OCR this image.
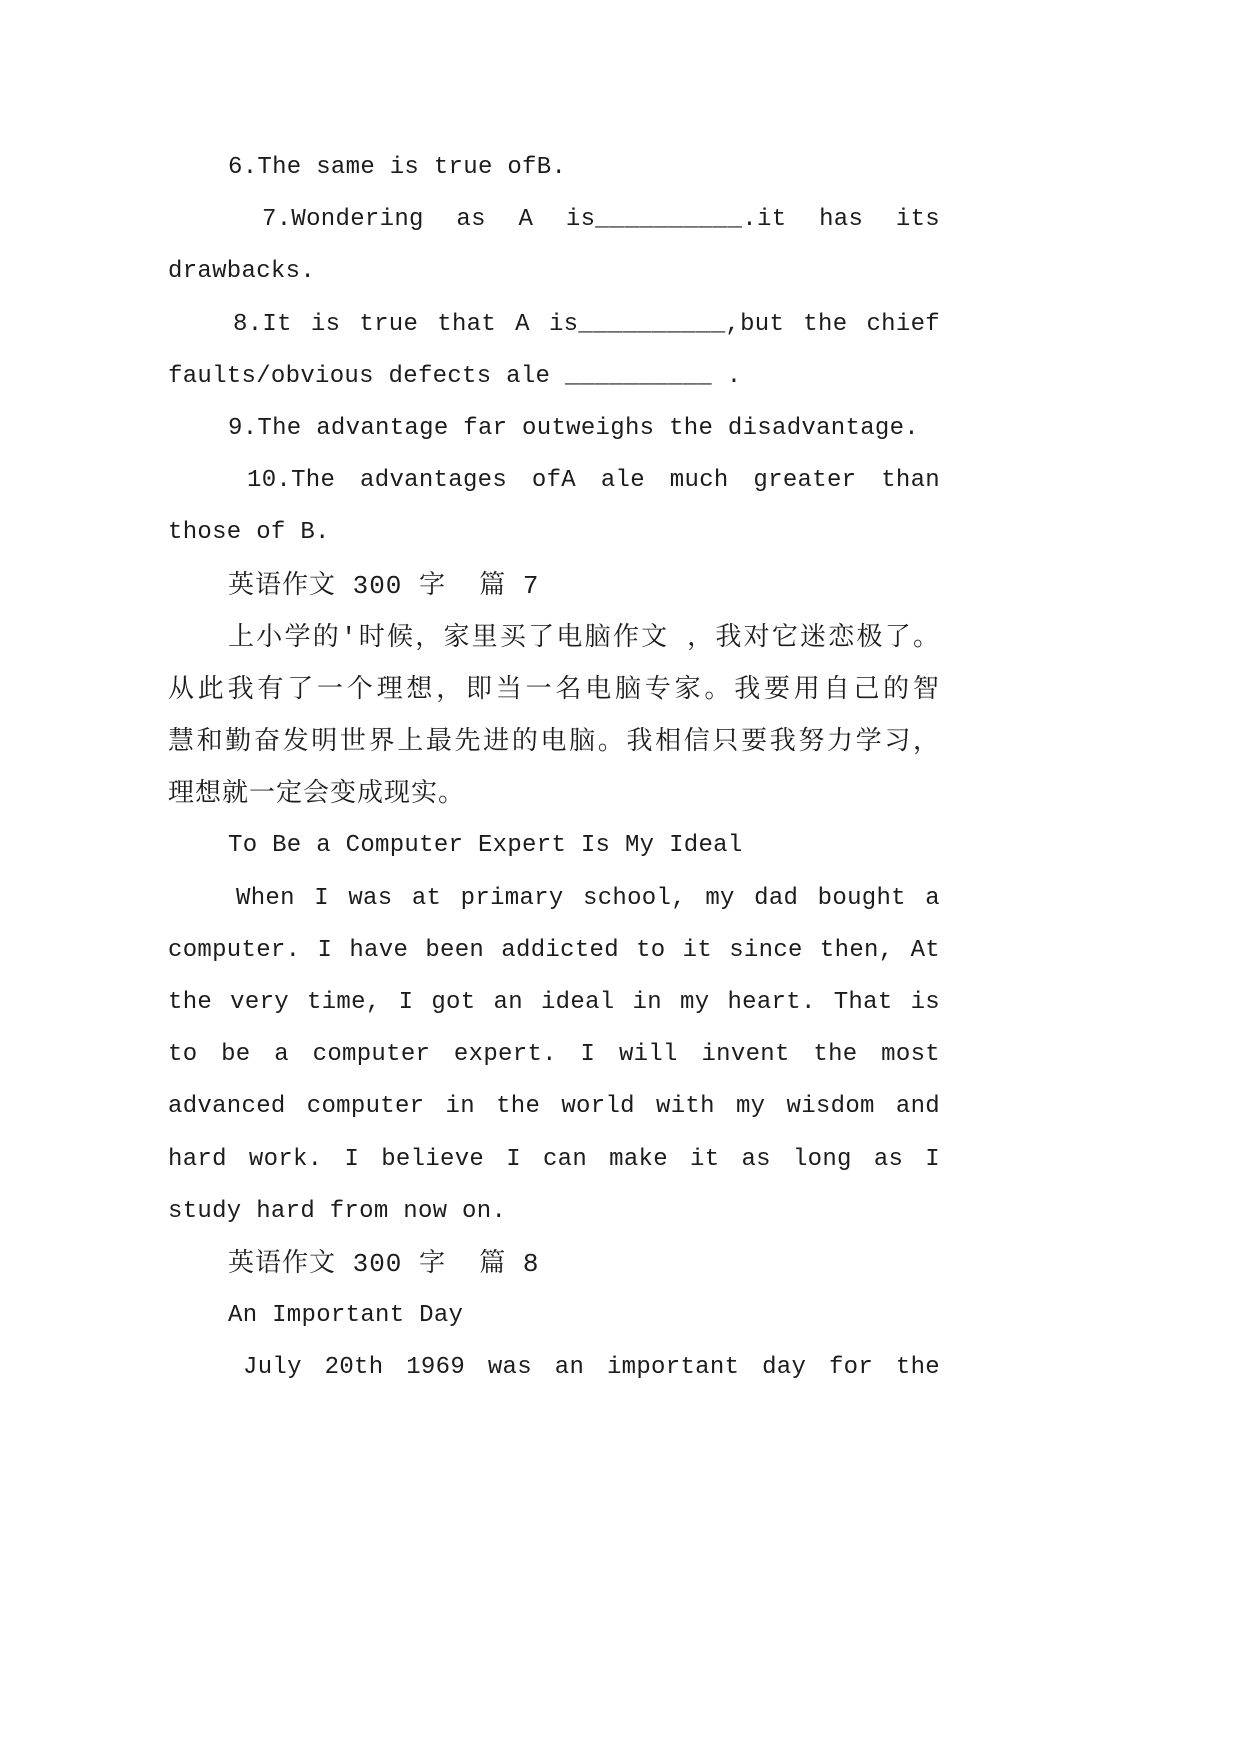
6.The same is true ofB.
7.Wondering as A is__________.it has its
drawbacks.
8.It is true that A is__________,but the chief
faults/obvious defects ale __________ .
9.The advantage far outweighs the disadvantage.
10.The advantages ofA ale much greater than
those of B.
英语作文 300 字  篇 7
上小学的'时候，家里买了电脑作文 ，我对它迷恋极了。
从此我有了一个理想，即当一名电脑专家。我要用自己的智
慧和勤奋发明世界上最先进的电脑。我相信只要我努力学习，
理想就一定会变成现实。
To Be a Computer Expert Is My Ideal
When I was at primary school, my dad bought a
computer. I have been addicted to it since then, At
the very time, I got an ideal in my heart. That is
to be a computer expert. I will invent the most
advanced computer in the world with my wisdom and
hard work. I believe I can make it as long as I
study hard from now on.
英语作文 300 字  篇 8
An Important Day
July 20th 1969 was an important day for the
